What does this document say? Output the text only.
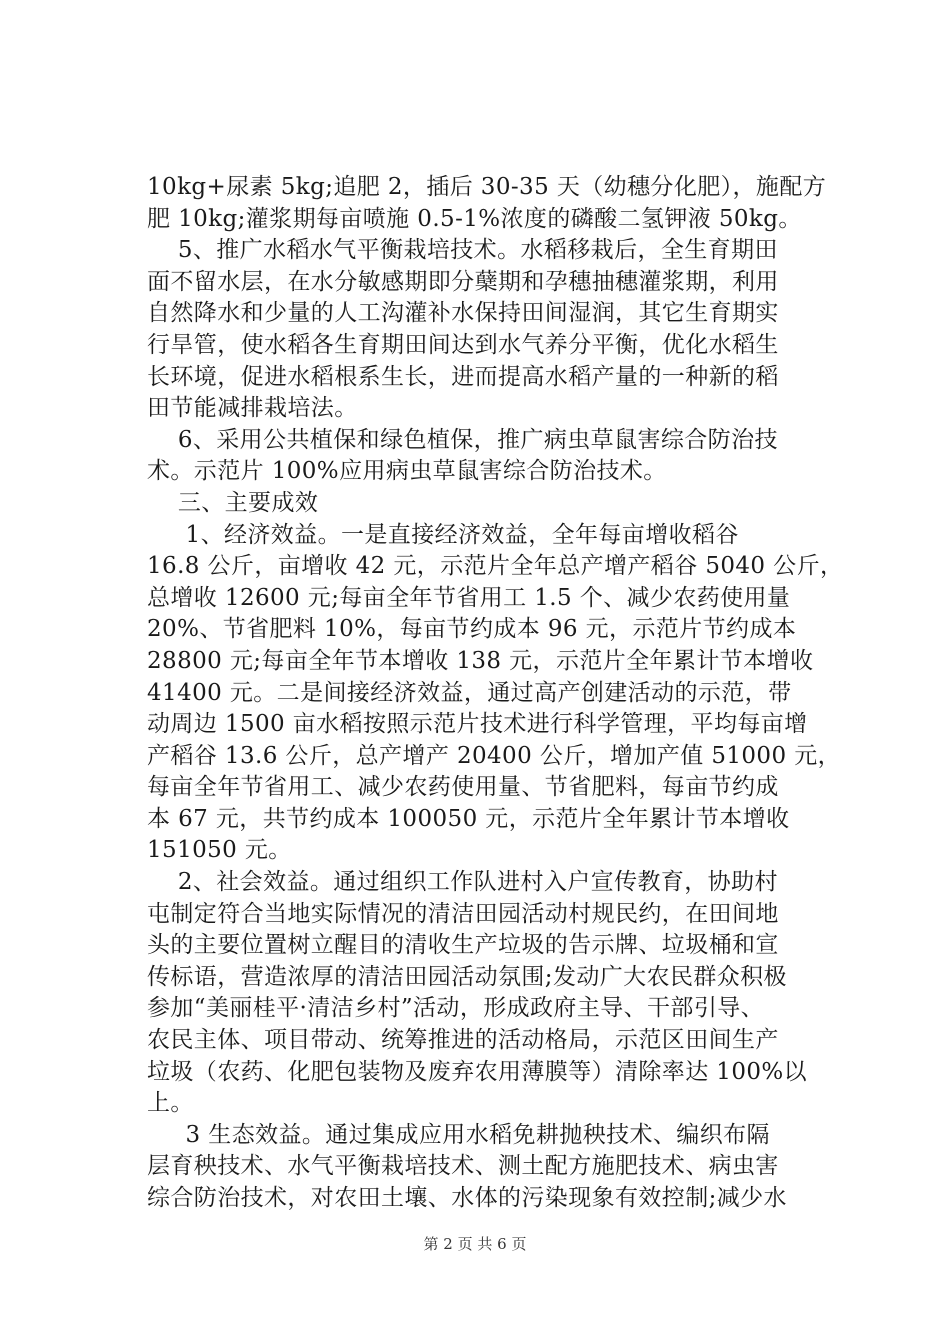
10kg+尿素 5kg;追肥 2，插后 30-35 天（幼穗分化肥），施配方
肥 10kg;灌浆期每亩喷施 0.5-1%浓度的磷酸二氢钾液 50kg。
5、推广水稻水气平衡栽培技术。水稻移栽后，全生育期田
面不留水层，在水分敏感期即分蘖期和孕穗抽穗灌浆期，利用
自然降水和少量的人工沟灌补水保持田间湿润，其它生育期实
行旱管，使水稻各生育期田间达到水气养分平衡，优化水稻生
长环境，促进水稻根系生长，进而提高水稻产量的一种新的稻
田节能减排栽培法。
6、采用公共植保和绿色植保，推广病虫草鼠害综合防治技
术。示范片 100%应用病虫草鼠害综合防治技术。
三、主要成效
1、经济效益。一是直接经济效益，全年每亩增收稻谷
16.8 公斤，亩增收 42 元，示范片全年总产增产稻谷 5040 公斤，
总增收 12600 元;每亩全年节省用工 1.5 个、减少农药使用量
20%、节省肥料 10%，每亩节约成本 96 元，示范片节约成本
28800 元;每亩全年节本增收 138 元，示范片全年累计节本增收
41400 元。二是间接经济效益，通过高产创建活动的示范，带
动周边 1500 亩水稻按照示范片技术进行科学管理，平均每亩增
产稻谷 13.6 公斤，总产增产 20400 公斤，增加产值 51000 元，
每亩全年节省用工、减少农药使用量、节省肥料，每亩节约成
本 67 元，共节约成本 100050 元，示范片全年累计节本增收
151050 元。
2、社会效益。通过组织工作队进村入户宣传教育，协助村
屯制定符合当地实际情况的清洁田园活动村规民约，在田间地
头的主要位置树立醒目的清收生产垃圾的告示牌、垃圾桶和宣
传标语，营造浓厚的清洁田园活动氛围;发动广大农民群众积极
参加“美丽桂平·清洁乡村”活动，形成政府主导、干部引导、
农民主体、项目带动、统筹推进的活动格局，示范区田间生产
垃圾（农药、化肥包装物及废弃农用薄膜等）清除率达 100%以
上。
3 生态效益。通过集成应用水稻免耕抛秧技术、编织布隔
层育秧技术、水气平衡栽培技术、测土配方施肥技术、病虫害
综合防治技术，对农田土壤、水体的污染现象有效控制;减少水
第 2 页 共 6 页
